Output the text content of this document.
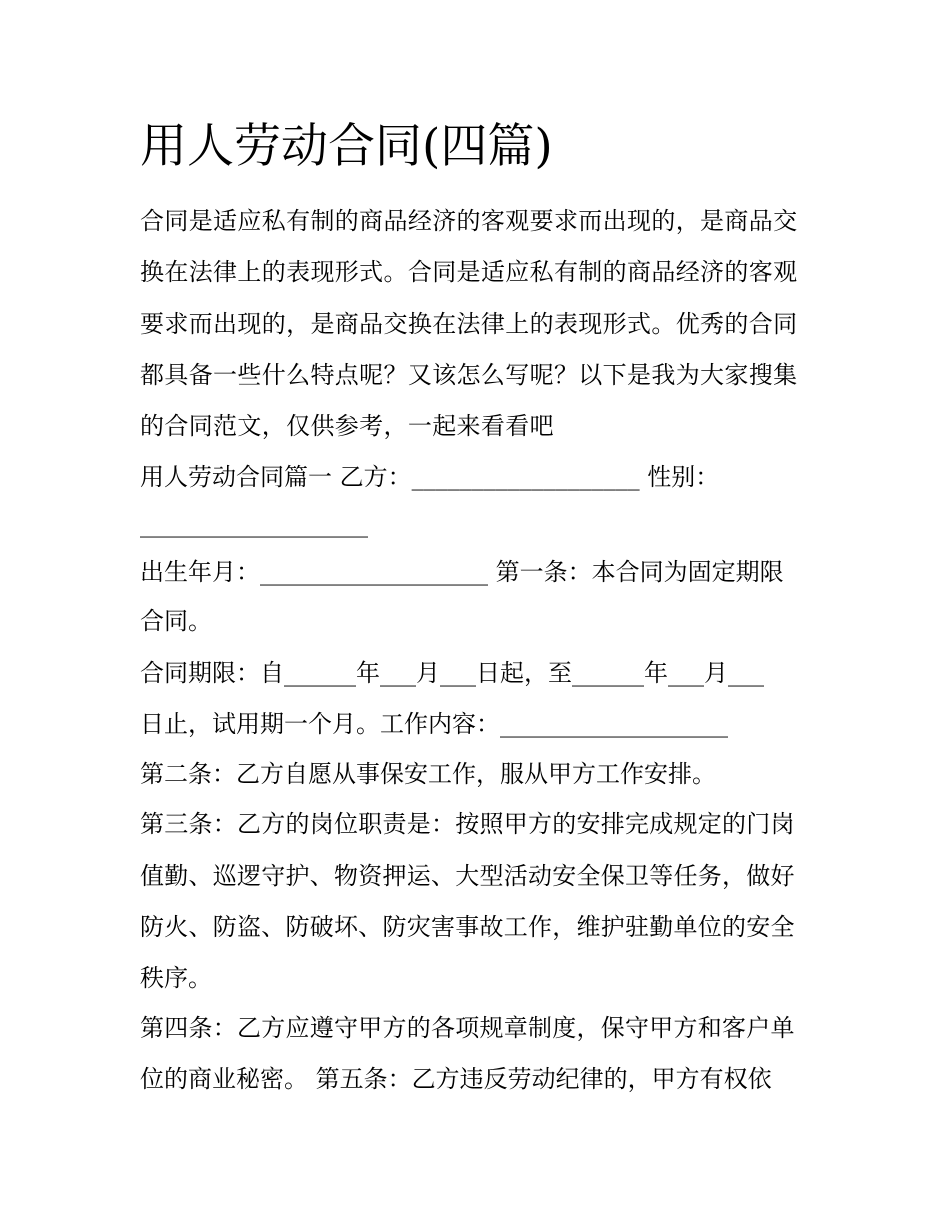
用人劳动合同(四篇)
合同是适应私有制的商品经济的客观要求而出现的，是商品交
换在法律上的表现形式。合同是适应私有制的商品经济的客观
要求而出现的，是商品交换在法律上的表现形式。优秀的合同
都具备一些什么特点呢？又该怎么写呢？以下是我为大家搜集
的合同范文，仅供参考，一起来看看吧
用人劳动合同篇一 乙方：___________________ 性别：
___________________
出生年月：___________________ 第一条：本合同为固定期限
合同。
合同期限：自______年___月___日起，至______年___月___
日止，试用期一个月。工作内容：___________________
第二条：乙方自愿从事保安工作，服从甲方工作安排。
第三条：乙方的岗位职责是：按照甲方的安排完成规定的门岗
值勤、巡逻守护、物资押运、大型活动安全保卫等任务，做好
防火、防盗、防破坏、防灾害事故工作，维护驻勤单位的安全
秩序。
第四条：乙方应遵守甲方的各项规章制度，保守甲方和客户单
位的商业秘密。 第五条：乙方违反劳动纪律的，甲方有权依
